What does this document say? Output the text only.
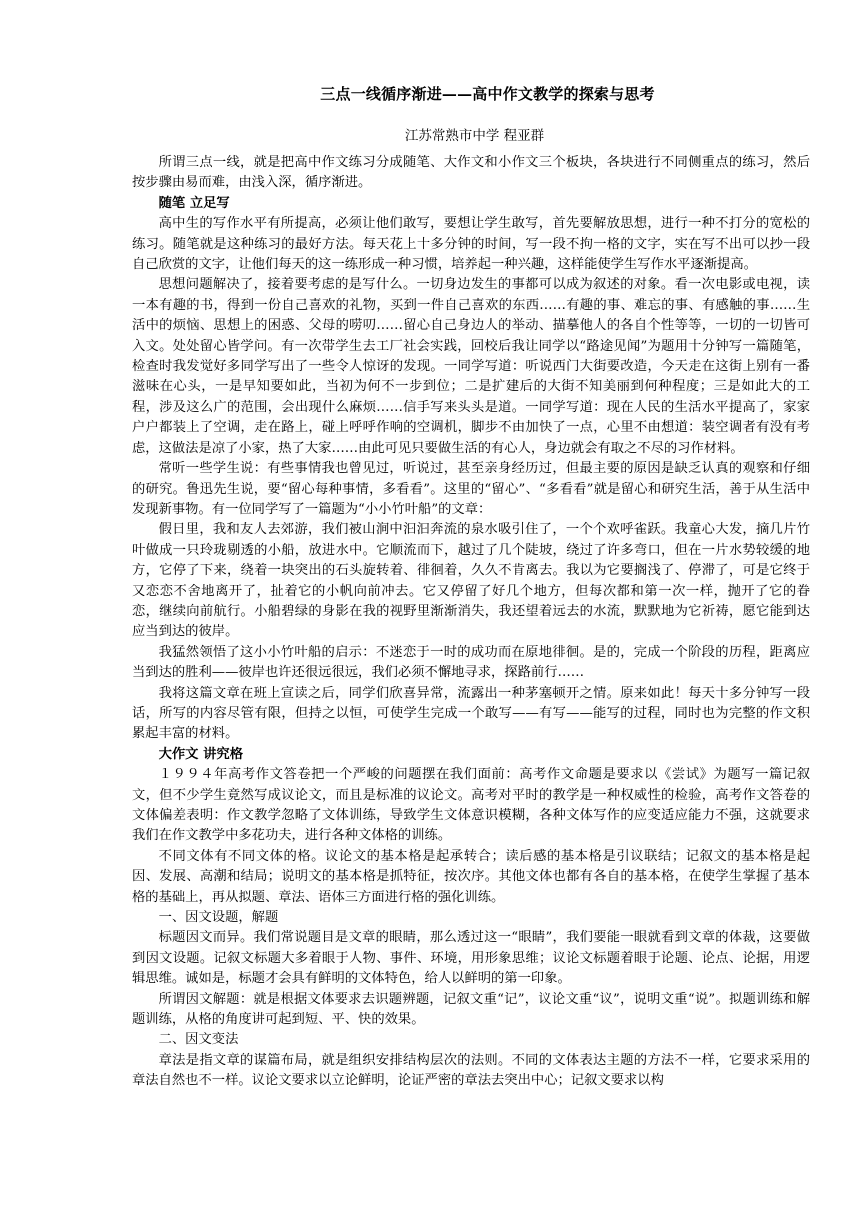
三点一线循序渐进——高中作文教学的探索与思考
江苏常熟市中学 程亚群

所谓三点一线，就是把高中作文练习分成随笔、大作文和小作文三个板块，各块进行不同侧重点的练习，然后按步骤由易而难，由浅入深，循序渐进。

随笔 立足写

高中生的写作水平有所提高，必须让他们敢写，要想让学生敢写，首先要解放思想，进行一种不打分的宽松的练习。随笔就是这种练习的最好方法。每天花上十多分钟的时间，写一段不拘一格的文字，实在写不出可以抄一段自己欣赏的文字，让他们每天的这一练形成一种习惯，培养起一种兴趣，这样能使学生写作水平逐渐提高。

思想问题解决了，接着要考虑的是写什么。一切身边发生的事都可以成为叙述的对象。看一次电影或电视，读一本有趣的书，得到一份自己喜欢的礼物，买到一件自己喜欢的东西……有趣的事、难忘的事、有感触的事……生活中的烦恼、思想上的困惑、父母的唠叨……留心自己身边人的举动、描摹他人的各自个性等等，一切的一切皆可入文。处处留心皆学问。有一次带学生去工厂社会实践，回校后我让同学以“路途见闻”为题用十分钟写一篇随笔，检查时我发觉好多同学写出了一些令人惊讶的发现。一同学写道：听说西门大街要改造，今天走在这街上别有一番滋味在心头，一是早知要如此，当初为何不一步到位；二是扩建后的大街不知美丽到何种程度；三是如此大的工程，涉及这么广的范围，会出现什么麻烦……信手写来头头是道。一同学写道：现在人民的生活水平提高了，家家户户都装上了空调，走在路上，碰上呼呼作响的空调机，脚步不由加快了一点，心里不由想道：装空调者有没有考虑，这做法是凉了小家，热了大家……由此可见只要做生活的有心人，身边就会有取之不尽的习作材料。

常听一些学生说：有些事情我也曾见过，听说过，甚至亲身经历过，但最主要的原因是缺乏认真的观察和仔细的研究。鲁迅先生说，要“留心每种事情，多看看”。这里的“留心”、“多看看”就是留心和研究生活，善于从生活中发现新事物。有一位同学写了一篇题为“小小竹叶船”的文章：

假日里，我和友人去郊游，我们被山涧中汩汩奔流的泉水吸引住了，一个个欢呼雀跃。我童心大发，摘几片竹叶做成一只玲珑剔透的小船，放进水中。它顺流而下，越过了几个陡坡，绕过了许多弯口，但在一片水势较缓的地方，它停了下来，绕着一块突出的石头旋转着、徘徊着，久久不肯离去。我以为它要搁浅了、停滞了，可是它终于又恋恋不舍地离开了，扯着它的小帆向前冲去。它又停留了好几个地方，但每次都和第一次一样，抛开了它的眷恋，继续向前航行。小船碧绿的身影在我的视野里渐渐消失，我还望着远去的水流，默默地为它祈祷，愿它能到达应当到达的彼岸。

我猛然领悟了这小小竹叶船的启示：不迷恋于一时的成功而在原地徘徊。是的，完成一个阶段的历程，距离应当到达的胜利——彼岸也许还很远很远，我们必须不懈地寻求，探路前行……

我将这篇文章在班上宣读之后，同学们欣喜异常，流露出一种茅塞顿开之情。原来如此！每天十多分钟写一段话，所写的内容尽管有限，但持之以恒，可使学生完成一个敢写——有写——能写的过程，同时也为完整的作文积累起丰富的材料。

大作文 讲究格

１９９４年高考作文答卷把一个严峻的问题摆在我们面前：高考作文命题是要求以《尝试》为题写一篇记叙文，但不少学生竟然写成议论文，而且是标准的议论文。高考对平时的教学是一种权威性的检验，高考作文答卷的文体偏差表明：作文教学忽略了文体训练，导致学生文体意识模糊，各种文体写作的应变适应能力不强，这就要求我们在作文教学中多花功夫，进行各种文体格的训练。

不同文体有不同文体的格。议论文的基本格是起承转合；读后感的基本格是引议联结；记叙文的基本格是起因、发展、高潮和结局；说明文的基本格是抓特征，按次序。其他文体也都有各自的基本格，在使学生掌握了基本格的基础上，再从拟题、章法、语体三方面进行格的强化训练。

一、因文设题，解题

标题因文而异。我们常说题目是文章的眼睛，那么透过这一“眼睛”，我们要能一眼就看到文章的体裁，这要做到因文设题。记叙文标题大多着眼于人物、事件、环境，用形象思维；议论文标题着眼于论题、论点、论据，用逻辑思维。诚如是，标题才会具有鲜明的文体特色，给人以鲜明的第一印象。

所谓因文解题：就是根据文体要求去识题辨题，记叙文重“记”，议论文重“议”，说明文重“说”。拟题训练和解题训练，从格的角度讲可起到短、平、快的效果。

二、因文变法

章法是指文章的谋篇布局，就是组织安排结构层次的法则。不同的文体表达主题的方法不一样，它要求采用的章法自然也不一样。议论文要求以立论鲜明，论证严密的章法去突出中心；记叙文要求以构
